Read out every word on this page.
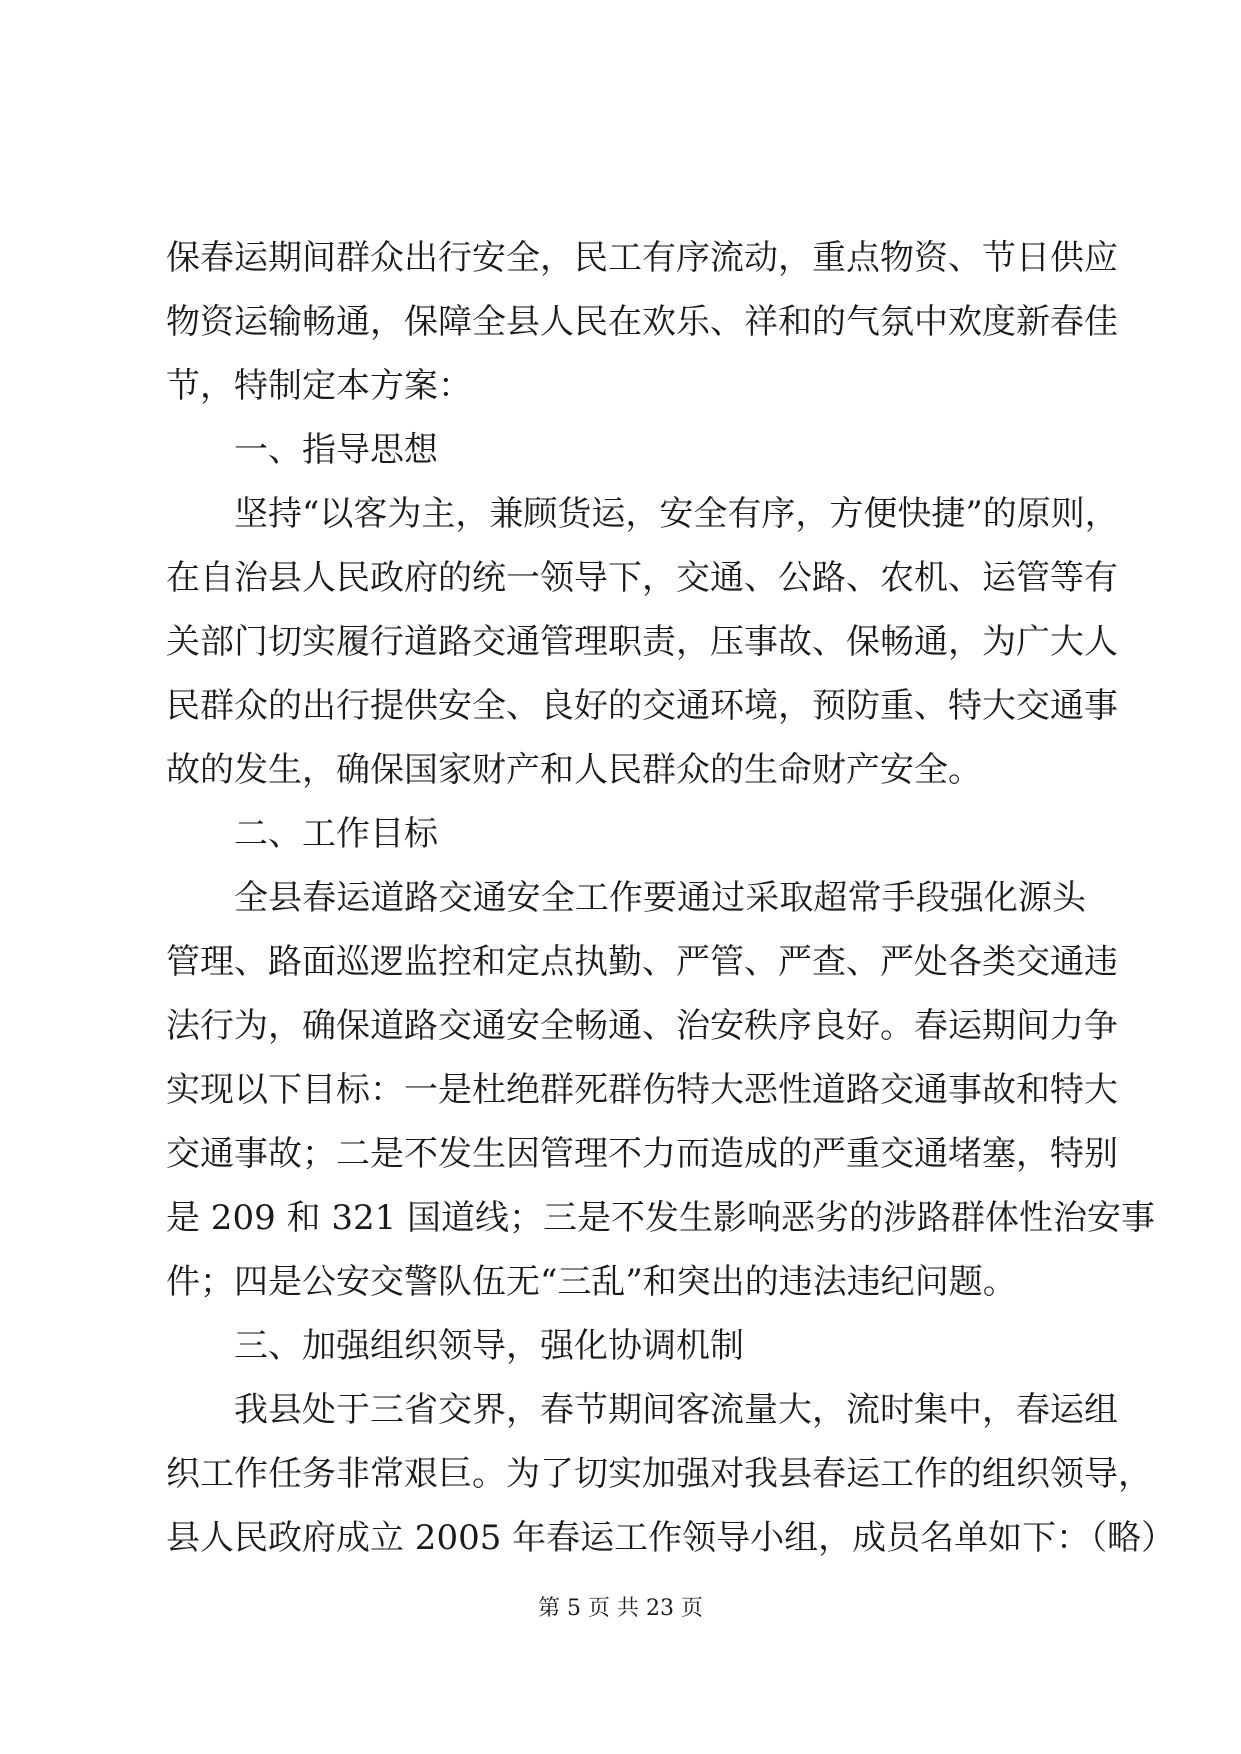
保春运期间群众出行安全，民工有序流动，重点物资、节日供应
物资运输畅通，保障全县人民在欢乐、祥和的气氛中欢度新春佳
节，特制定本方案：
一、指导思想
坚持“以客为主，兼顾货运，安全有序，方便快捷”的原则，
在自治县人民政府的统一领导下，交通、公路、农机、运管等有
关部门切实履行道路交通管理职责，压事故、保畅通，为广大人
民群众的出行提供安全、良好的交通环境，预防重、特大交通事
故的发生，确保国家财产和人民群众的生命财产安全。
二、工作目标
全县春运道路交通安全工作要通过采取超常手段强化源头
管理、路面巡逻监控和定点执勤、严管、严查、严处各类交通违
法行为，确保道路交通安全畅通、治安秩序良好。春运期间力争
实现以下目标：一是杜绝群死群伤特大恶性道路交通事故和特大
交通事故；二是不发生因管理不力而造成的严重交通堵塞，特别
是 209 和 321 国道线；三是不发生影响恶劣的涉路群体性治安事
件；四是公安交警队伍无“三乱”和突出的违法违纪问题。
三、加强组织领导，强化协调机制
我县处于三省交界，春节期间客流量大，流时集中，春运组
织工作任务非常艰巨。为了切实加强对我县春运工作的组织领导，
县人民政府成立 2005 年春运工作领导小组，成员名单如下：（略）
第 5 页 共 23 页
